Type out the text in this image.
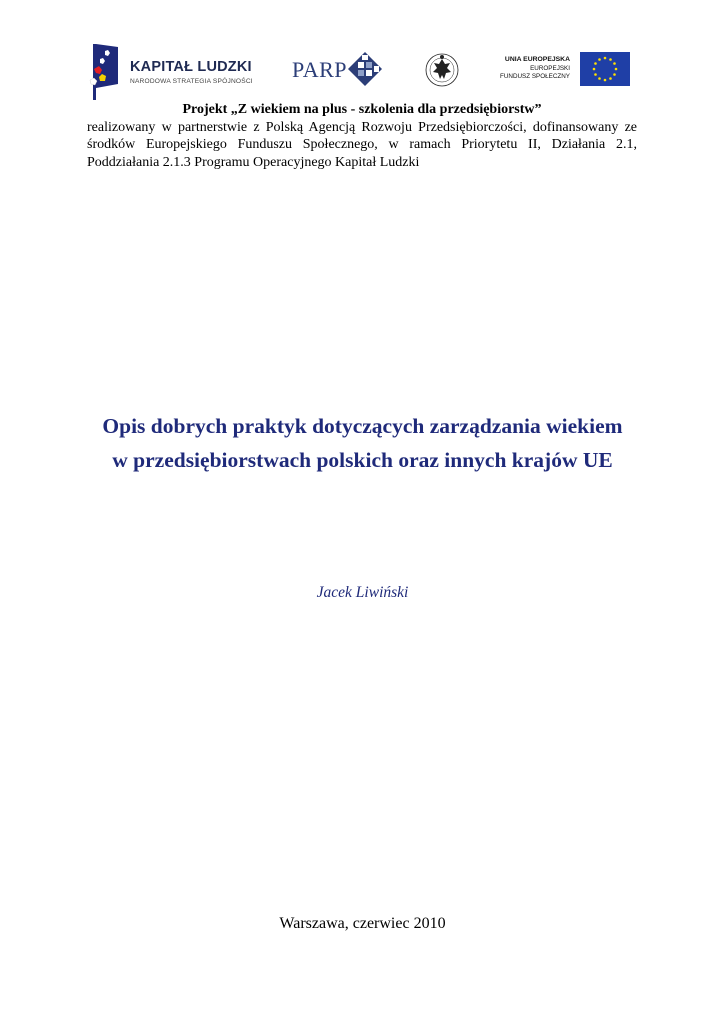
KAPITAŁ LUDZKI
NARODOWA STRATEGIA SPÓJNOŚCI PARP	UNIA EUROPEJSKA
EUROPEJSKI
FUNDUSZ SPOŁECZNY
Projekt „Z wiekiem na plus - szkolenia dla przedsiębiorstw”
realizowany w partnerstwie z Polską Agencją Rozwoju Przedsiębiorczości, dofinansowany ze środków Europejskiego Funduszu Społecznego, w ramach Priorytetu II, Działania 2.1, Poddziałania 2.1.3 Programu Operacyjnego Kapitał Ludzki
Opis dobrych praktyk dotyczących zarządzania wiekiem
w przedsiębiorstwach polskich oraz innych krajów UE
Jacek Liwiński
Warszawa, czerwiec 2010
